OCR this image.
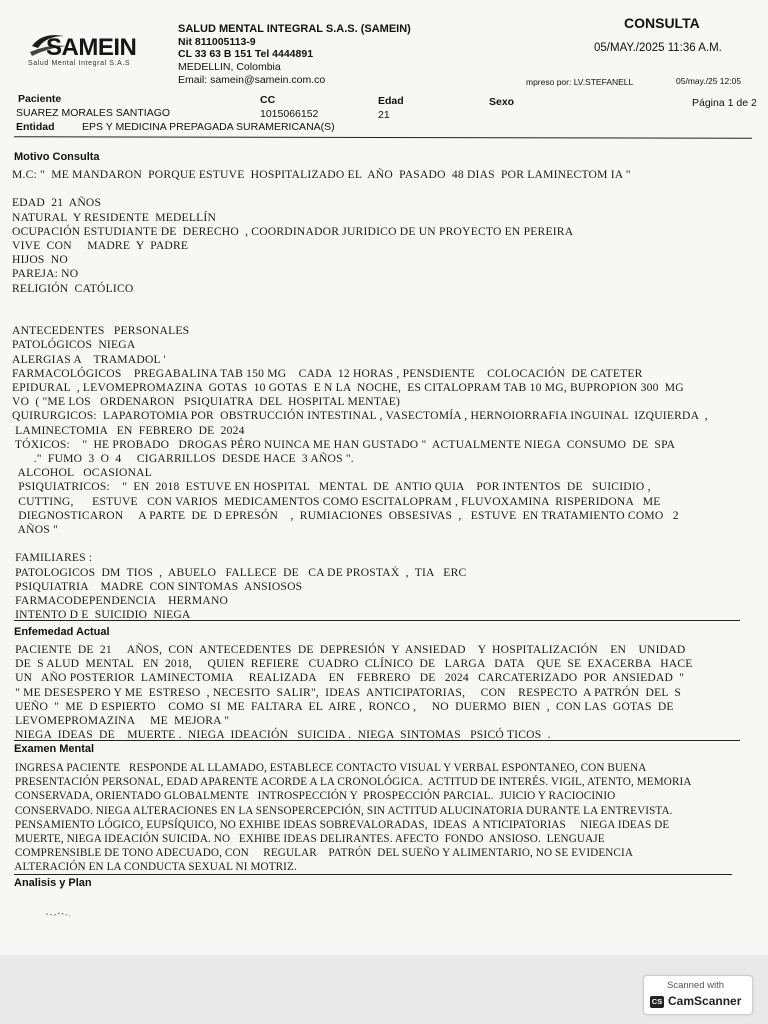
SAMEIN
Salud Mental Integral S.A.S
SALUD MENTAL INTEGRAL S.A.S. (SAMEIN)
Nit 811005113-9
CL 33 63 B 151 Tel 4444891
MEDELLIN, Colombia
Email: samein@samein.com.co
CONSULTA
05/MAY./2025 11:36 A.M.
mpreso por: LV.STEFANELL	05/may./25 12:05
Página 1 de 2
Paciente	CC	Edad	Sexo
SUAREZ MORALES SANTIAGO	1015066152	21
Entidad	EPS Y MEDICINA PREPAGADA SURAMERICANA(S)
Motivo Consulta
M.C: "  ME MANDARON  PORQUE ESTUVE  HOSPITALIZADO EL  AÑO  PASADO  48 DIAS  POR LAMINECTOM IA "

EDAD  21  AÑOS
NATURAL  Y RESIDENTE  MEDELLÍN
OCUPACIÓN ESTUDIANTE DE  DERECHO  , COORDINADOR JURIDICO DE UN PROYECTO EN PEREIRA
VIVE  CON     MADRE  Y  PADRE
HIJOS  NO
PAREJA: NO
RELIGIÓN  CATÓLICO

ANTECEDENTES   PERSONALES
PATOLÓGICOS  NIEGA
ALERGIAS A    TRAMADOL '
FARMACOLÓGICOS    PREGABALINA TAB 150 MG    CADA  12 HORAS , PENSDIENTE    COLOCACIÓN  DE CATETER
EPIDURAL  , LEVOMEPROMAZINA  GOTAS  10 GOTAS  E N LA  NOCHE,  ES CITALOPRAM TAB 10 MG, BUPROPION 300  MG
VO  ( "ME LOS   ORDENARON   PSIQUIATRA  DEL  HOSPITAL MENTAE)
QUIRURGICOS:  LAPAROTOMIA POR  OBSTRUCCIÓN INTESTINAL , VASECTOMÍA , HERNOIORRAFIA INGUINAL  IZQUIERDA  ,
LAMINECTOMIA   EN  FEBRERO  DE  2024
TÓXICOS:    "  HE PROBADO   DROGAS PÉRO NUINCA ME HAN GUSTADO "  ACTUALMENTE NIEGA  CONSUMO  DE  SPA
."  FUMO  3  O  4     CIGARRILLOS  DESDE HACE  3 AÑOS ".
ALCOHOL   OCASIONAL
PSIQUIATRICOS:    "  EN  2018  ESTUVE EN HOSPITAL   MENTAL  DE  ANTIO QUIA    POR INTENTOS  DE   SUICIDIO ,
CUTTING,      ESTUVE   CON VARIOS  MEDICAMENTOS COMO ESCITALOPRAM , FLUVOXAMINA  RISPERIDONA   ME
DIEGNOSTICARON     A PARTE  DE  D EPRESÓN    ,  RUMIACIONES  OBSESIVAS  ,   ESTUVE  EN TRATAMIENTO COMO   2
AÑOS "

FAMILIARES :
PATOLOGICOS  DM  TIOS  ,  ABUELO   FALLECE  DE   CA DE PROSTAẊ  ,  TIA   ERC
PSIQUIATRIA    MADRE  CON SINTOMAS  ANSIOSOS
FARMACODEPENDENCIA    HERMANO
INTENTO D E  SUICIDIO  NIEGA
Enfemedad Actual
PACIENTE  DE  21     AÑOS,  CON  ANTECEDENTES  DE  DEPRESIÓN  Y  ANSIEDAD    Y  HOSPITALIZACIÓN    EN    UNIDAD
DE  S ALUD  MENTAL   EN  2018,     QUIEN  REFIERE   CUADRO  CLÍNICO  DE   LARGA   DATA    QUE  SE  EXACERBA   HACE
UN   AÑO POSTERIOR  LAMINECTOMIA     REALIZADA    EN    FEBRERO   DE   2024   CARCATERIZADO  POR  ANSIEDAD  "
" ME DESESPERO Y ME  ESTRESO  , NECESITO  SALIR",  IDEAS  ANTICIPATORIAS,     CON    RESPECTO  A PATRÓN  DEL  S
UEÑO  "  ME  D ESPIERTO    COMO  SI  ME  FALTARA  EL  AIRE ,  RONCO ,     NO  DUERMO  BIEN  ,  CON LAS  GOTAS  DE
LEVOMEPROMAZINA     ME  MEJORA "
NIEGA  IDEAS  DE    MUERTE .  NIEGA  IDEACIÓN   SUICIDA .  NIEGA  SINTOMAS   PSICÓ TICOS  .
Examen Mental
INGRESA PACIENTE   RESPONDE AL LLAMADO, ESTABLECE CONTACTO VISUAL Y VERBAL ESPONTANEO, CON BUENA
PRESENTACIÓN PERSONAL, EDAD APARENTE ACORDE A LA CRONOLÓGICA.  ACTITUD DE INTERÉS. VIGIL, ATENTO, MEMORIA
CONSERVADA, ORIENTADO GLOBALMENTE   INTROSPECCIÓN Y  PROSPECCIÓN PARCIAL.  JUICIO Y RACIOCINIO
CONSERVADO. NIEGA ALTERACIONES EN LA SENSOPERCEPCIÓN, SIN ACTITUD ALUCINATORIA DURANTE LA ENTREVISTA.
PENSAMIENTO LÓGICO, EUPSÍQUICO, NO EXHIBE IDEAS SOBREVALORADAS,  IDEAS  A NTICIPATORIAS     NIEGA IDEAS DE
MUERTE, NIEGA IDEACIÓN SUICIDA. NO   EXHIBE IDEAS DELIRANTES. AFECTO  FONDO  ANSIOSO.  LENGUAJE
COMPRENSIBLE DE TONO ADECUADO, CON     REGULAR    PATRÓN  DEL SUEÑO Y ALIMENTARIO, NO SE EVIDENCIA
ALTERACIÓN EN LA CONDUCTA SEXUAL NI MOTRIZ.
Analisis y Plan
Scanned with
CS CamScanner
